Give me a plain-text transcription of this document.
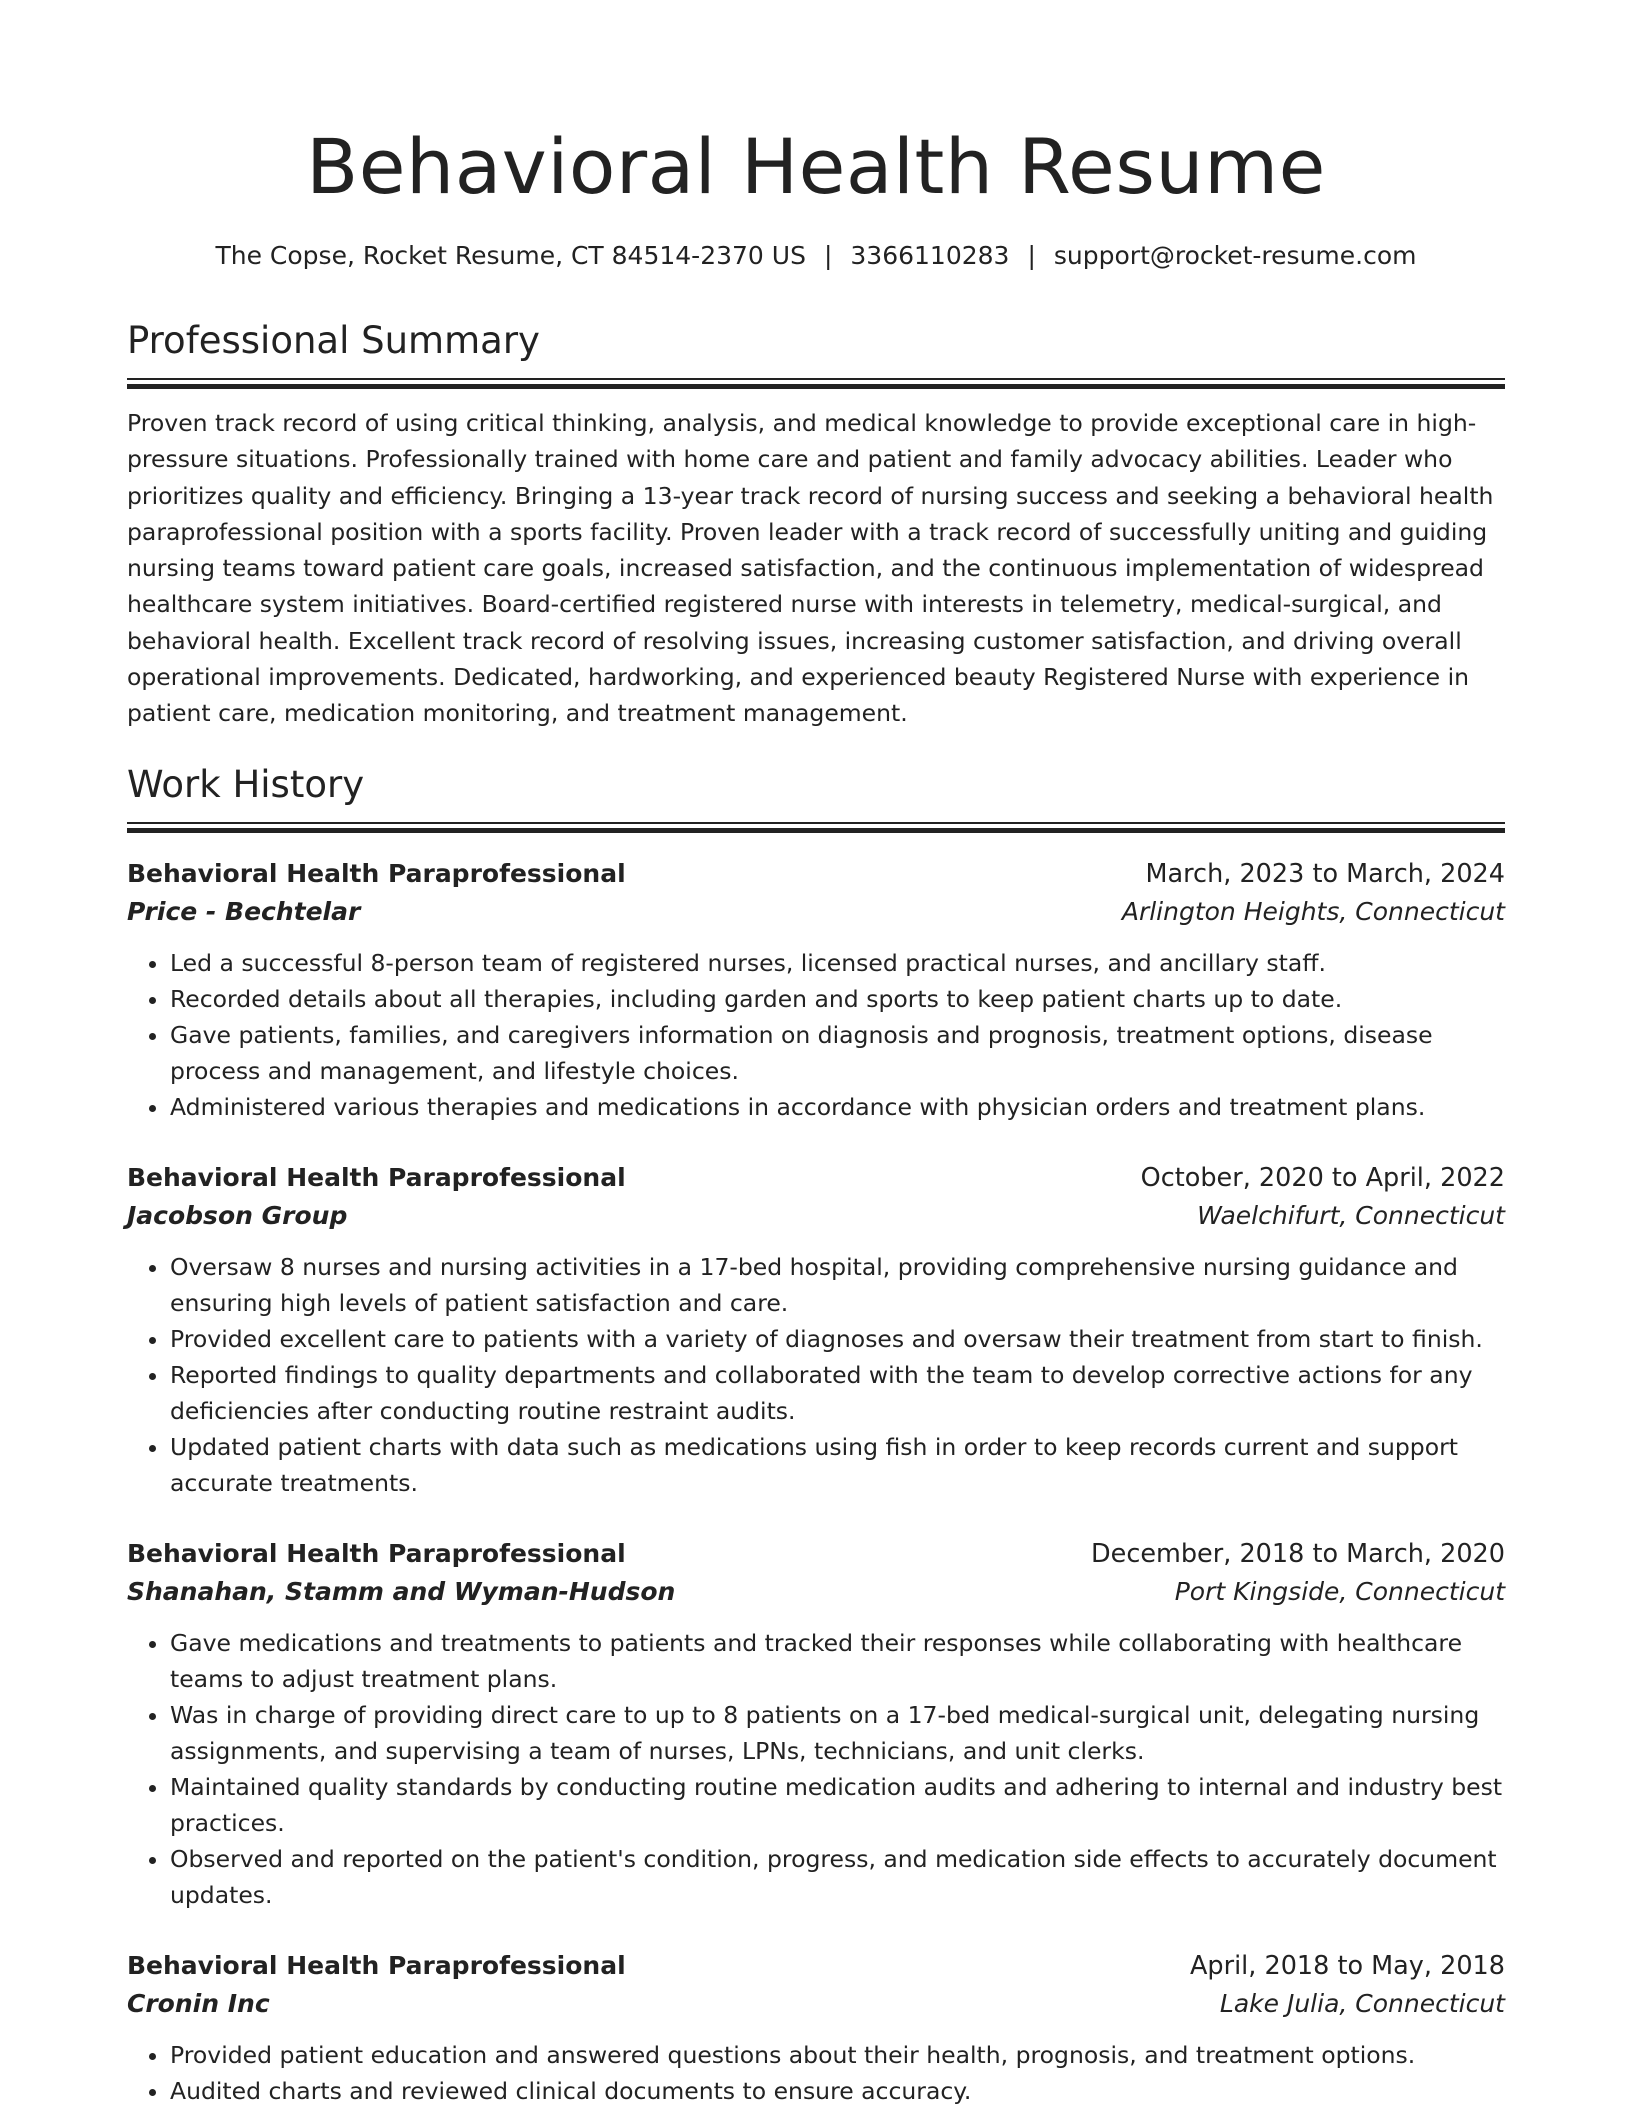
Behavioral Health Resume
The Copse, Rocket Resume, CT 84514-2370 US | 3366110283 | support@rocket-resume.com
Professional Summary

Proven track record of using critical thinking, analysis, and medical knowledge to provide exceptional care in high-pressure situations. Professionally trained with home care and patient and family advocacy abilities. Leader who prioritizes quality and efficiency. Bringing a 13-year track record of nursing success and seeking a behavioral health paraprofessional position with a sports facility. Proven leader with a track record of successfully uniting and guiding nursing teams toward patient care goals, increased satisfaction, and the continuous implementation of widespread healthcare system initiatives. Board-certified registered nurse with interests in telemetry, medical-surgical, and behavioral health. Excellent track record of resolving issues, increasing customer satisfaction, and driving overall operational improvements. Dedicated, hardworking, and experienced beauty Registered Nurse with experience in patient care, medication monitoring, and treatment management.

Work History
Behavioral Health Paraprofessional	March, 2023 to March, 2024
Price - Bechtelar	Arlington Heights, Connecticut
• Led a successful 8-person team of registered nurses, licensed practical nurses, and ancillary staff.
• Recorded details about all therapies, including garden and sports to keep patient charts up to date.
• Gave patients, families, and caregivers information on diagnosis and prognosis, treatment options, disease process and management, and lifestyle choices.
• Administered various therapies and medications in accordance with physician orders and treatment plans.
Behavioral Health Paraprofessional	October, 2020 to April, 2022
Jacobson Group	Waelchifurt, Connecticut
• Oversaw 8 nurses and nursing activities in a 17-bed hospital, providing comprehensive nursing guidance and ensuring high levels of patient satisfaction and care.
• Provided excellent care to patients with a variety of diagnoses and oversaw their treatment from start to finish.
• Reported findings to quality departments and collaborated with the team to develop corrective actions for any deficiencies after conducting routine restraint audits.
• Updated patient charts with data such as medications using fish in order to keep records current and support accurate treatments.
Behavioral Health Paraprofessional	December, 2018 to March, 2020
Shanahan, Stamm and Wyman-Hudson	Port Kingside, Connecticut
• Gave medications and treatments to patients and tracked their responses while collaborating with healthcare teams to adjust treatment plans.
• Was in charge of providing direct care to up to 8 patients on a 17-bed medical-surgical unit, delegating nursing assignments, and supervising a team of nurses, LPNs, technicians, and unit clerks.
• Maintained quality standards by conducting routine medication audits and adhering to internal and industry best practices.
• Observed and reported on the patient's condition, progress, and medication side effects to accurately document updates.
Behavioral Health Paraprofessional	April, 2018 to May, 2018
Cronin Inc	Lake Julia, Connecticut
• Provided patient education and answered questions about their health, prognosis, and treatment options.
• Audited charts and reviewed clinical documents to ensure accuracy.
